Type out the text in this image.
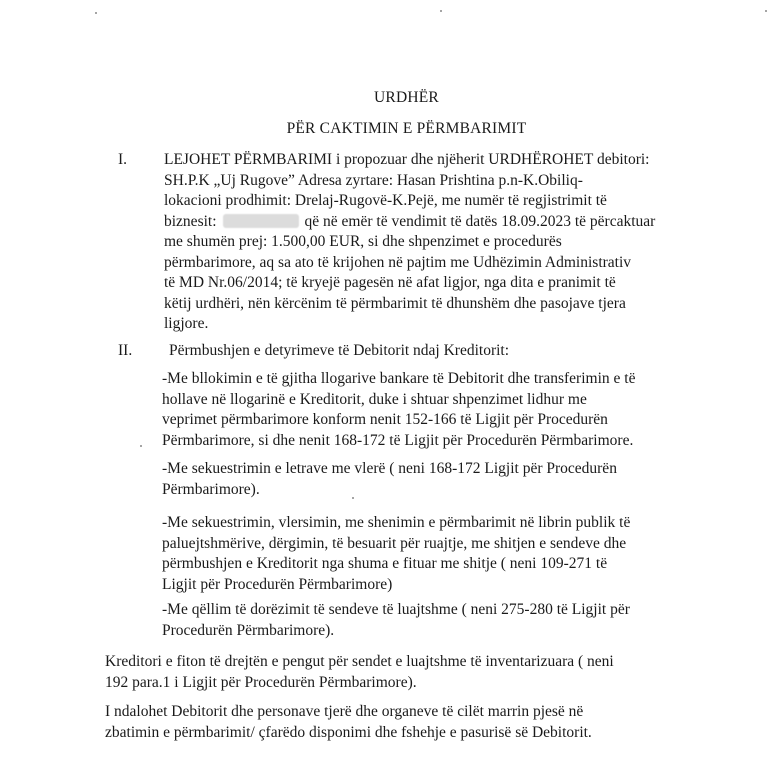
URDHËR
PËR CAKTIMIN E PËRMBARIMIT
I. LEJOHET PËRMBARIMI i propozuar dhe njëherit URDHËROHET debitori:
SH.P.K „Uj Rugove” Adresa zyrtare: Hasan Prishtina p.n-K.Obiliq-
lokacioni prodhimit: Drelaj-Rugovë-K.Pejë, me numër të regjistrimit të
biznesit:	që në emër të vendimit të datës 18.09.2023 të përcaktuar
me shumën prej: 1.500,00 EUR, si dhe shpenzimet e procedurës
përmbarimore, aq sa ato të krijohen në pajtim me Udhëzimin Administrativ
të MD Nr.06/2014; të kryejë pagesën në afat ligjor, nga dita e pranimit të
këtij urdhëri, nën kërcënim të përmbarimit të dhunshëm dhe pasojave tjera
ligjore.
II. Përmbushjen e detyrimeve të Debitorit ndaj Kreditorit:
-Me bllokimin e të gjitha llogarive bankare të Debitorit dhe transferimin e të
hollave në llogarinë e Kreditorit, duke i shtuar shpenzimet lidhur me
veprimet përmbarimore konform nenit 152-166 të Ligjit për Procedurën
Përmbarimore, si dhe nenit 168-172 të Ligjit për Procedurën Përmbarimore.
-Me sekuestrimin e letrave me vlerë ( neni 168-172 Ligjit për Procedurën
Përmbarimore).
-Me sekuestrimin, vlersimin, me shenimin e përmbarimit në librin publik të
paluejtshmërive, dërgimin, të besuarit për ruajtje, me shitjen e sendeve dhe
përmbushjen e Kreditorit nga shuma e fituar me shitje ( neni 109-271 të
Ligjit për Procedurën Përmbarimore)
-Me qëllim të dorëzimit të sendeve të luajtshme ( neni 275-280 të Ligjit për
Procedurën Përmbarimore).
Kreditori e fiton të drejtën e pengut për sendet e luajtshme të inventarizuara ( neni
192 para.1 i Ligjit për Procedurën Përmbarimore).
I ndalohet Debitorit dhe personave tjerë dhe organeve të cilët marrin pjesë në
zbatimin e përmbarimit/ çfarëdo disponimi dhe fshehje e pasurisë së Debitorit.
